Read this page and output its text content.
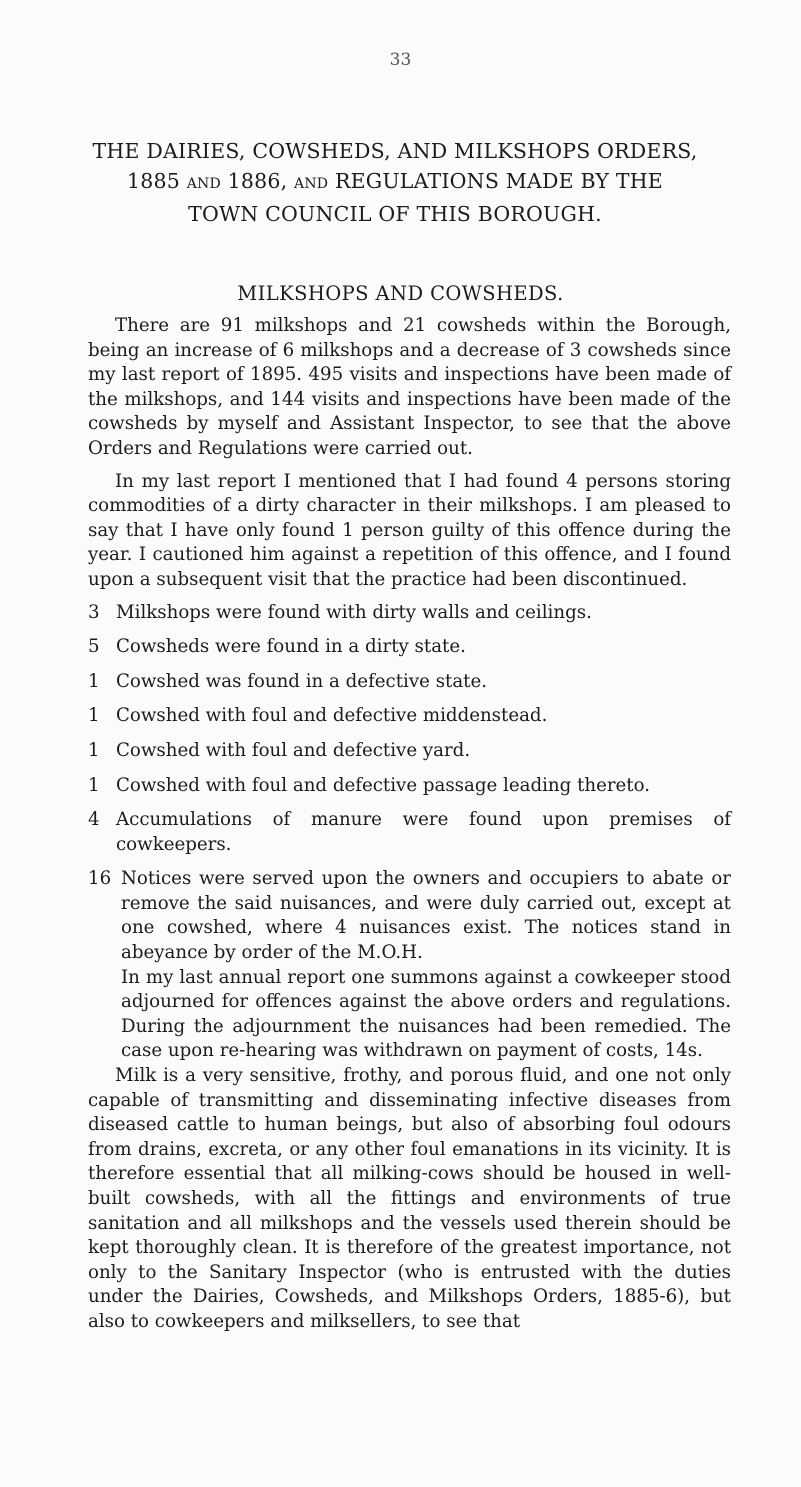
33
THE DAIRIES, COWSHEDS, AND MILKSHOPS ORDERS,
1885 AND 1886, AND REGULATIONS MADE BY THE
TOWN COUNCIL OF THIS BOROUGH.
MILKSHOPS AND COWSHEDS.

There are 91 milkshops and 21 cowsheds within the Borough, being an increase of 6 milkshops and a decrease of 3 cowsheds since my last report of 1895. 495 visits and inspections have been made of the milkshops, and 144 visits and inspections have been made of the cowsheds by myself and Assistant Inspector, to see that the above Orders and Regulations were carried out.

In my last report I mentioned that I had found 4 persons storing commodities of a dirty character in their milkshops. I am pleased to say that I have only found 1 person guilty of this offence during the year. I cautioned him against a repetition of this offence, and I found upon a subsequent visit that the practice had been discontinued.

3 Milkshops were found with dirty walls and ceilings.
5 Cowsheds were found in a dirty state.
1 Cowshed was found in a defective state.
1 Cowshed with foul and defective middenstead.
1 Cowshed with foul and defective yard.
1 Cowshed with foul and defective passage leading thereto.
4 Accumulations of manure were found upon premises of cowkeepers.
16 Notices were served upon the owners and occupiers to abate or remove the said nuisances, and were duly carried out, except at one cowshed, where 4 nuisances exist. The notices stand in abeyance by order of the M.O.H.

In my last annual report one summons against a cowkeeper stood adjourned for offences against the above orders and regulations. During the adjournment the nuisances had been remedied. The case upon re-hearing was withdrawn on payment of costs, 14s.

Milk is a very sensitive, frothy, and porous fluid, and one not only capable of transmitting and disseminating infective diseases from diseased cattle to human beings, but also of absorbing foul odours from drains, excreta, or any other foul emanations in its vicinity. It is therefore essential that all milking-cows should be housed in well-built cowsheds, with all the fittings and environments of true sanitation and all milkshops and the vessels used therein should be kept thoroughly clean. It is therefore of the greatest importance, not only to the Sanitary Inspector (who is entrusted with the duties under the Dairies, Cowsheds, and Milkshops Orders, 1885-6), but also to cowkeepers and milksellers, to see that
